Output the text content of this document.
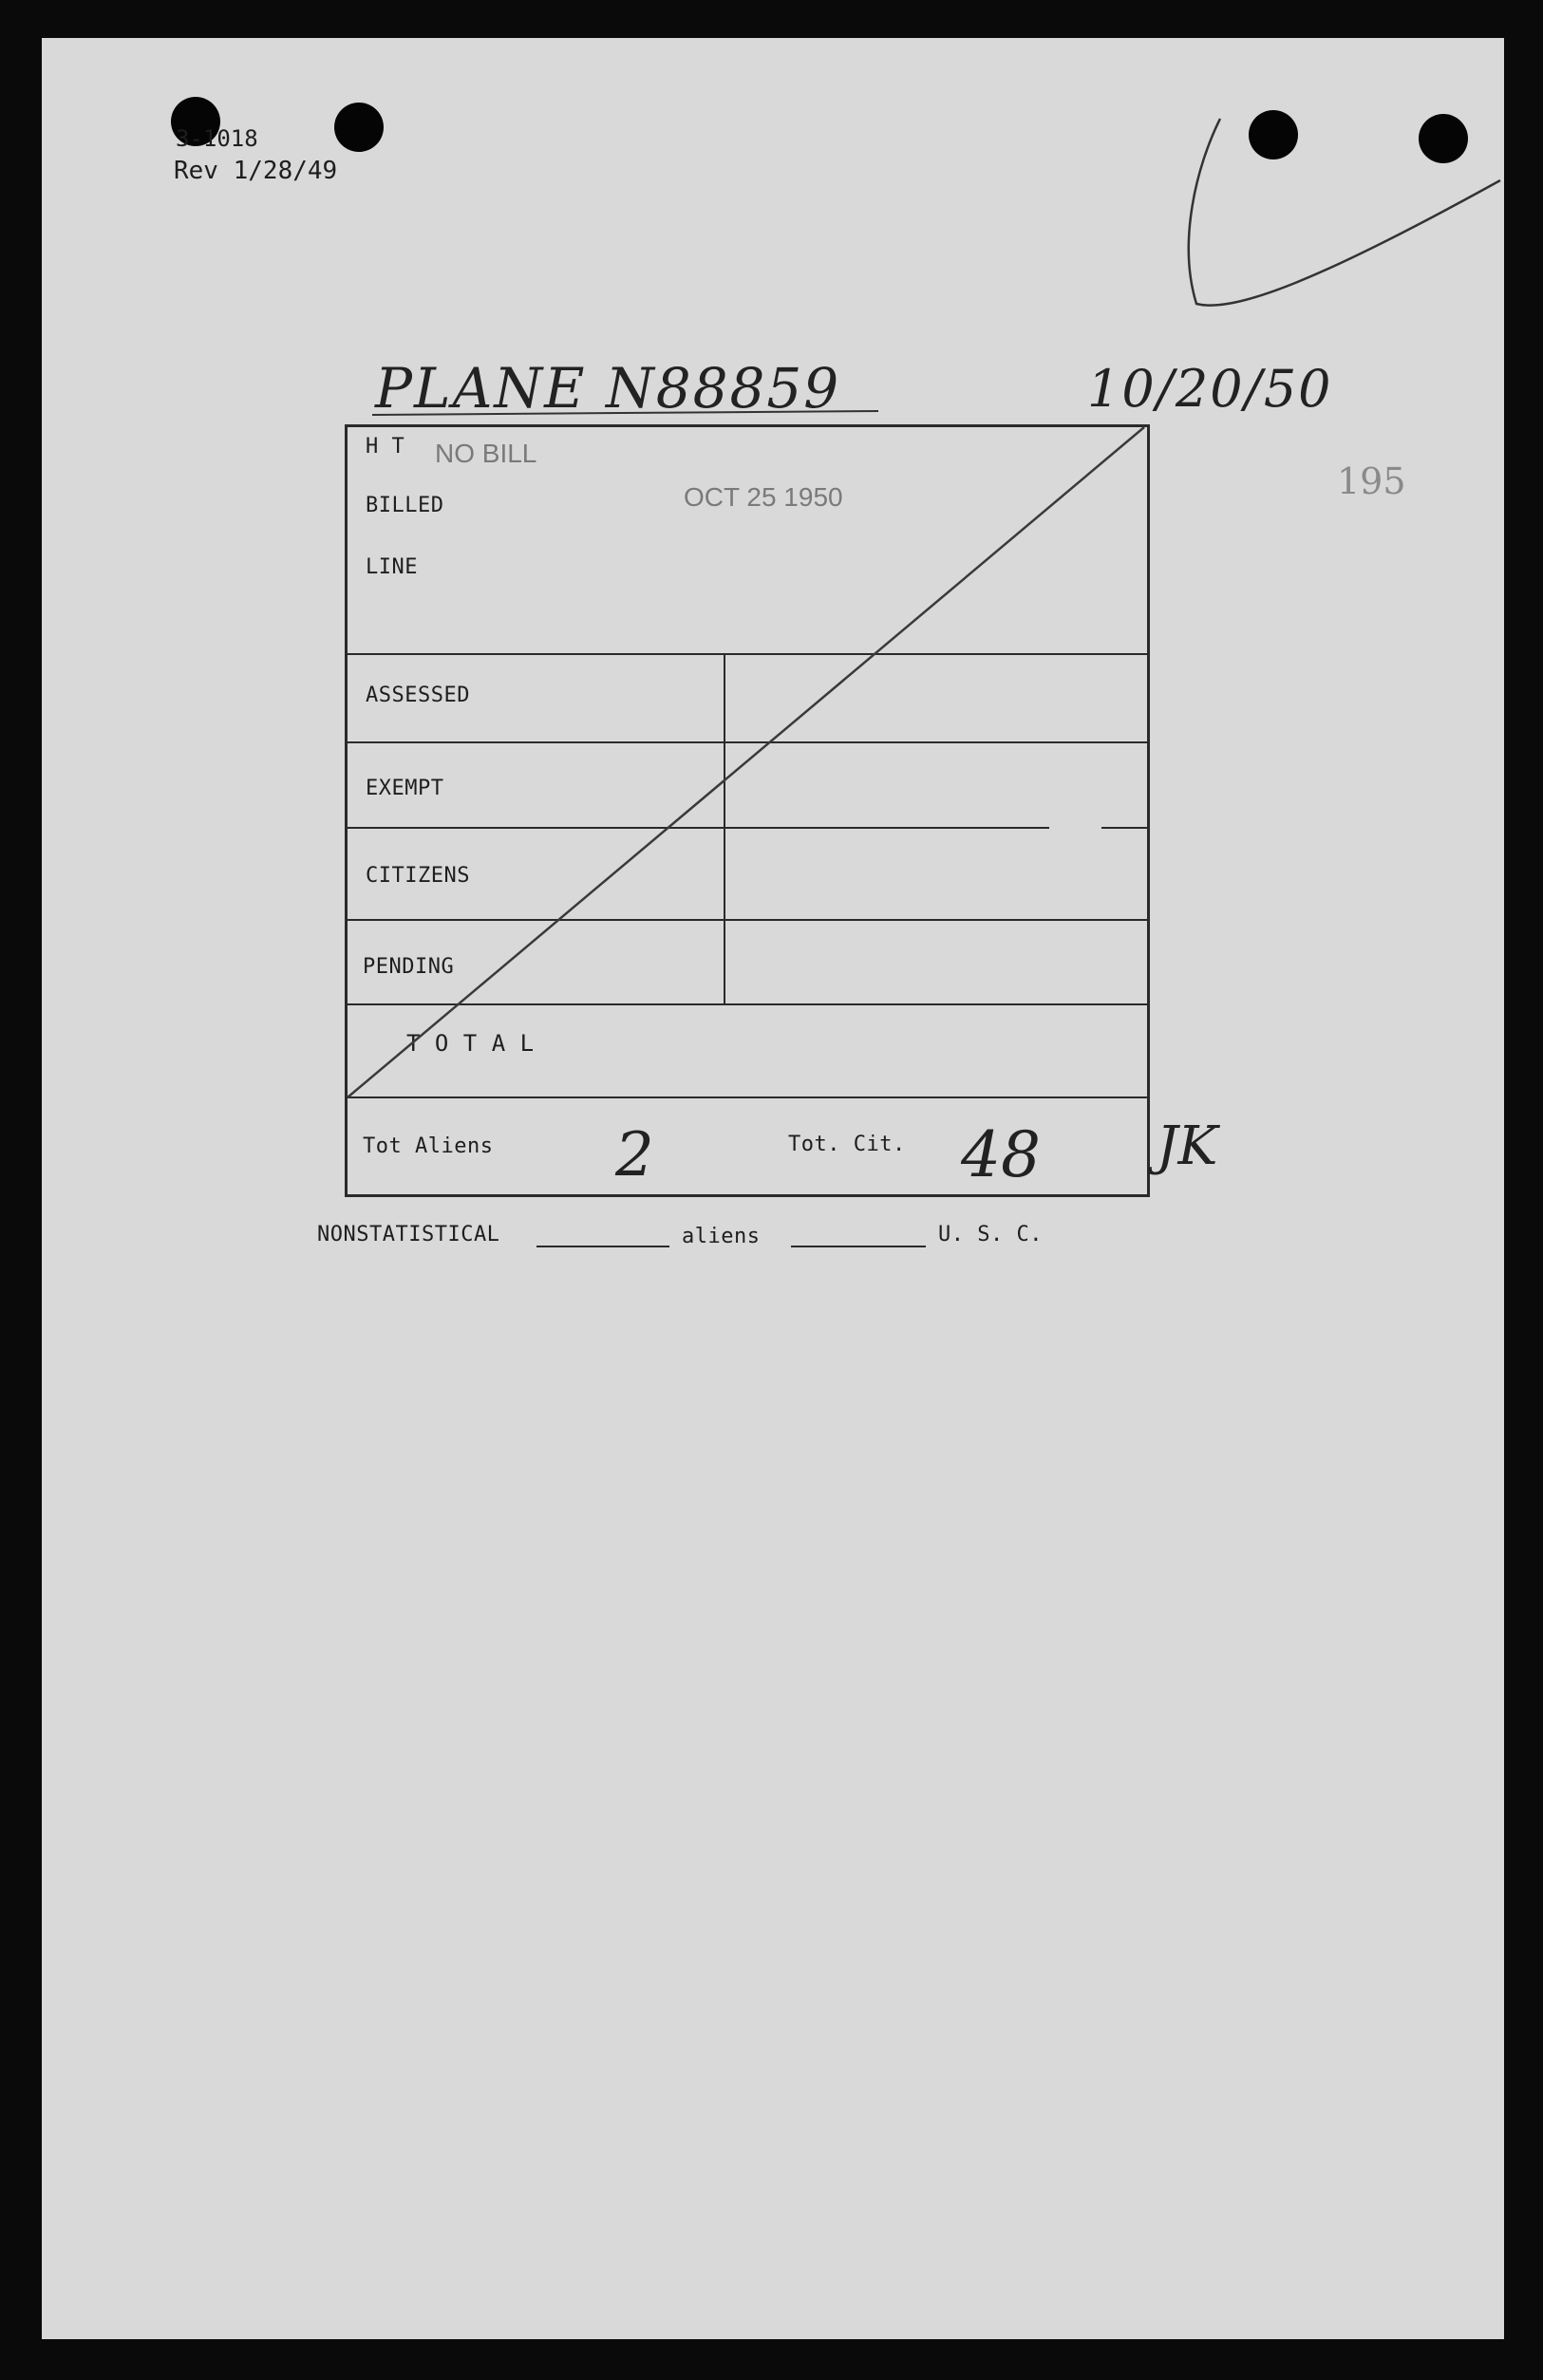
3-1018
Rev 1/28/49
PLANE N88859	10/20/50
195
H T NO BILL
BILLED	OCT 25 1950
LINE
ASSESSED
EXEMPT
CITIZENS
PENDING
T O T A L
Tot Aliens 2	Tot. Cit. 48 JK
NONSTATISTICAL	aliens	U. S. C.
